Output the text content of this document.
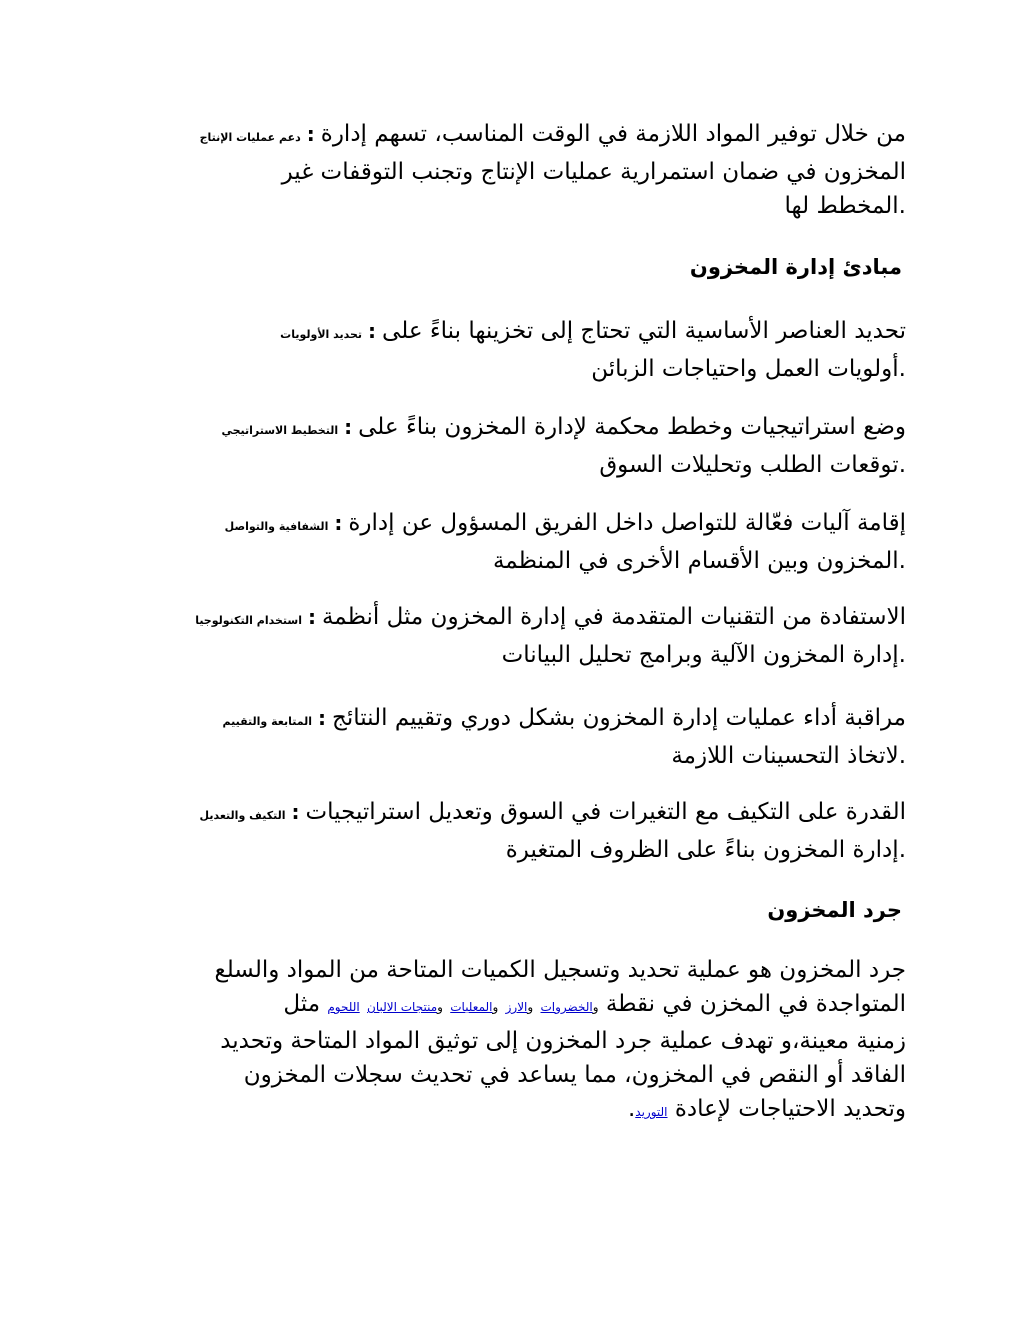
من خلال توفير المواد اللازمة في الوقت المناسب، تسهم إدارة:دعم عمليات الإنتاج
المخزون في ضمان استمرارية عمليات الإنتاج وتجنب التوقفات غير
.المخطط لها
مبادئ إدارة المخزون
تحديد العناصر الأساسية التي تحتاج إلى تخزينها بناءً على:تحديد الأولويات
.أولويات العمل واحتياجات الزبائن
وضع استراتيجيات وخطط محكمة لإدارة المخزون بناءً على:التخطيط الاستراتيجي
.توقعات الطلب وتحليلات السوق
إقامة آليات فعّالة للتواصل داخل الفريق المسؤول عن إدارة:الشفافية والتواصل
.المخزون وبين الأقسام الأخرى في المنظمة
الاستفادة من التقنيات المتقدمة في إدارة المخزون مثل أنظمة:استخدام التكنولوجيا
.إدارة المخزون الآلية وبرامج تحليل البيانات
مراقبة أداء عمليات إدارة المخزون بشكل دوري وتقييم النتائج:المتابعة والتقييم
.لاتخاذ التحسينات اللازمة
القدرة على التكيف مع التغيرات في السوق وتعديل استراتيجيات:التكيف والتعديل
.إدارة المخزون بناءً على الظروف المتغيرة
جرد المخزون
جرد المخزون هو عملية تحديد وتسجيل الكميات المتاحة من المواد والسلع
المتواجدة في المخزن في نقطة والخضروات والارز والمعلبات ومنتجات الالبان اللحوم مثل
زمنية معينة،و تهدف عملية جرد المخزون إلى توثيق المواد المتاحة وتحديد
الفاقد أو النقص في المخزون، مما يساعد في تحديث سجلات المخزون
وتحديد الاحتياجات لإعادة التوريد.
